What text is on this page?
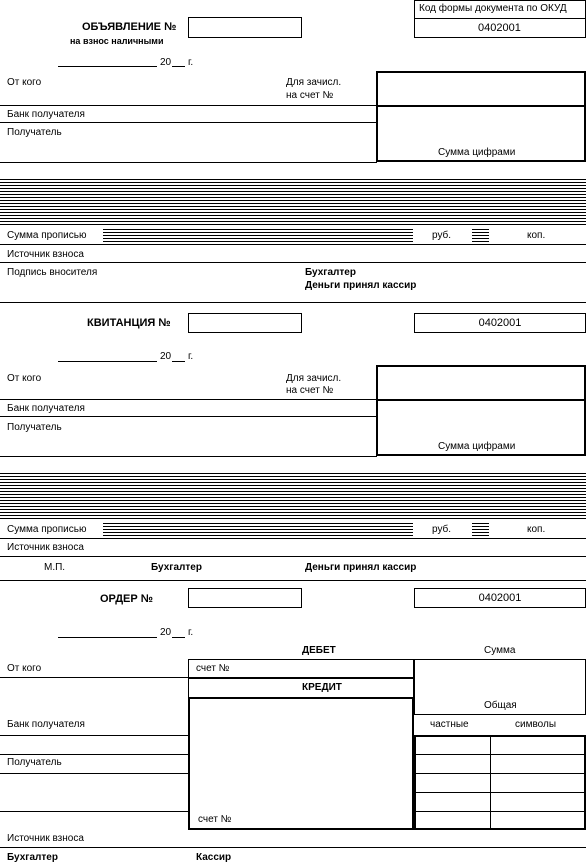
Код формы документа по ОКУД
0402001
ОБЪЯВЛЕНИЕ №
на взнос наличными
20 г.
От кого	Для зачисл.
на счет №
Банк получателя
Получатель
Сумма цифрами
Сумма прописью	руб.	коп.
Источник взноса
Подпись вносителя	Бухгалтер
Деньги принял кассир
КВИТАНЦИЯ №	0402001
20 г.
От кого	Для зачисл.
на счет №
Банк получателя
Получатель
Сумма цифрами
Сумма прописью	руб.	коп.
Источник взноса
М.П.	Бухгалтер	Деньги принял кассир
ОРДЕР №	0402001
20 г.
ДЕБЕТ	Сумма
От кого	счет №
КРЕДИТ
Общая
счет №
частные	символы
Банк получателя
Получатель
Источник взноса
Бухгалтер	Кассир
